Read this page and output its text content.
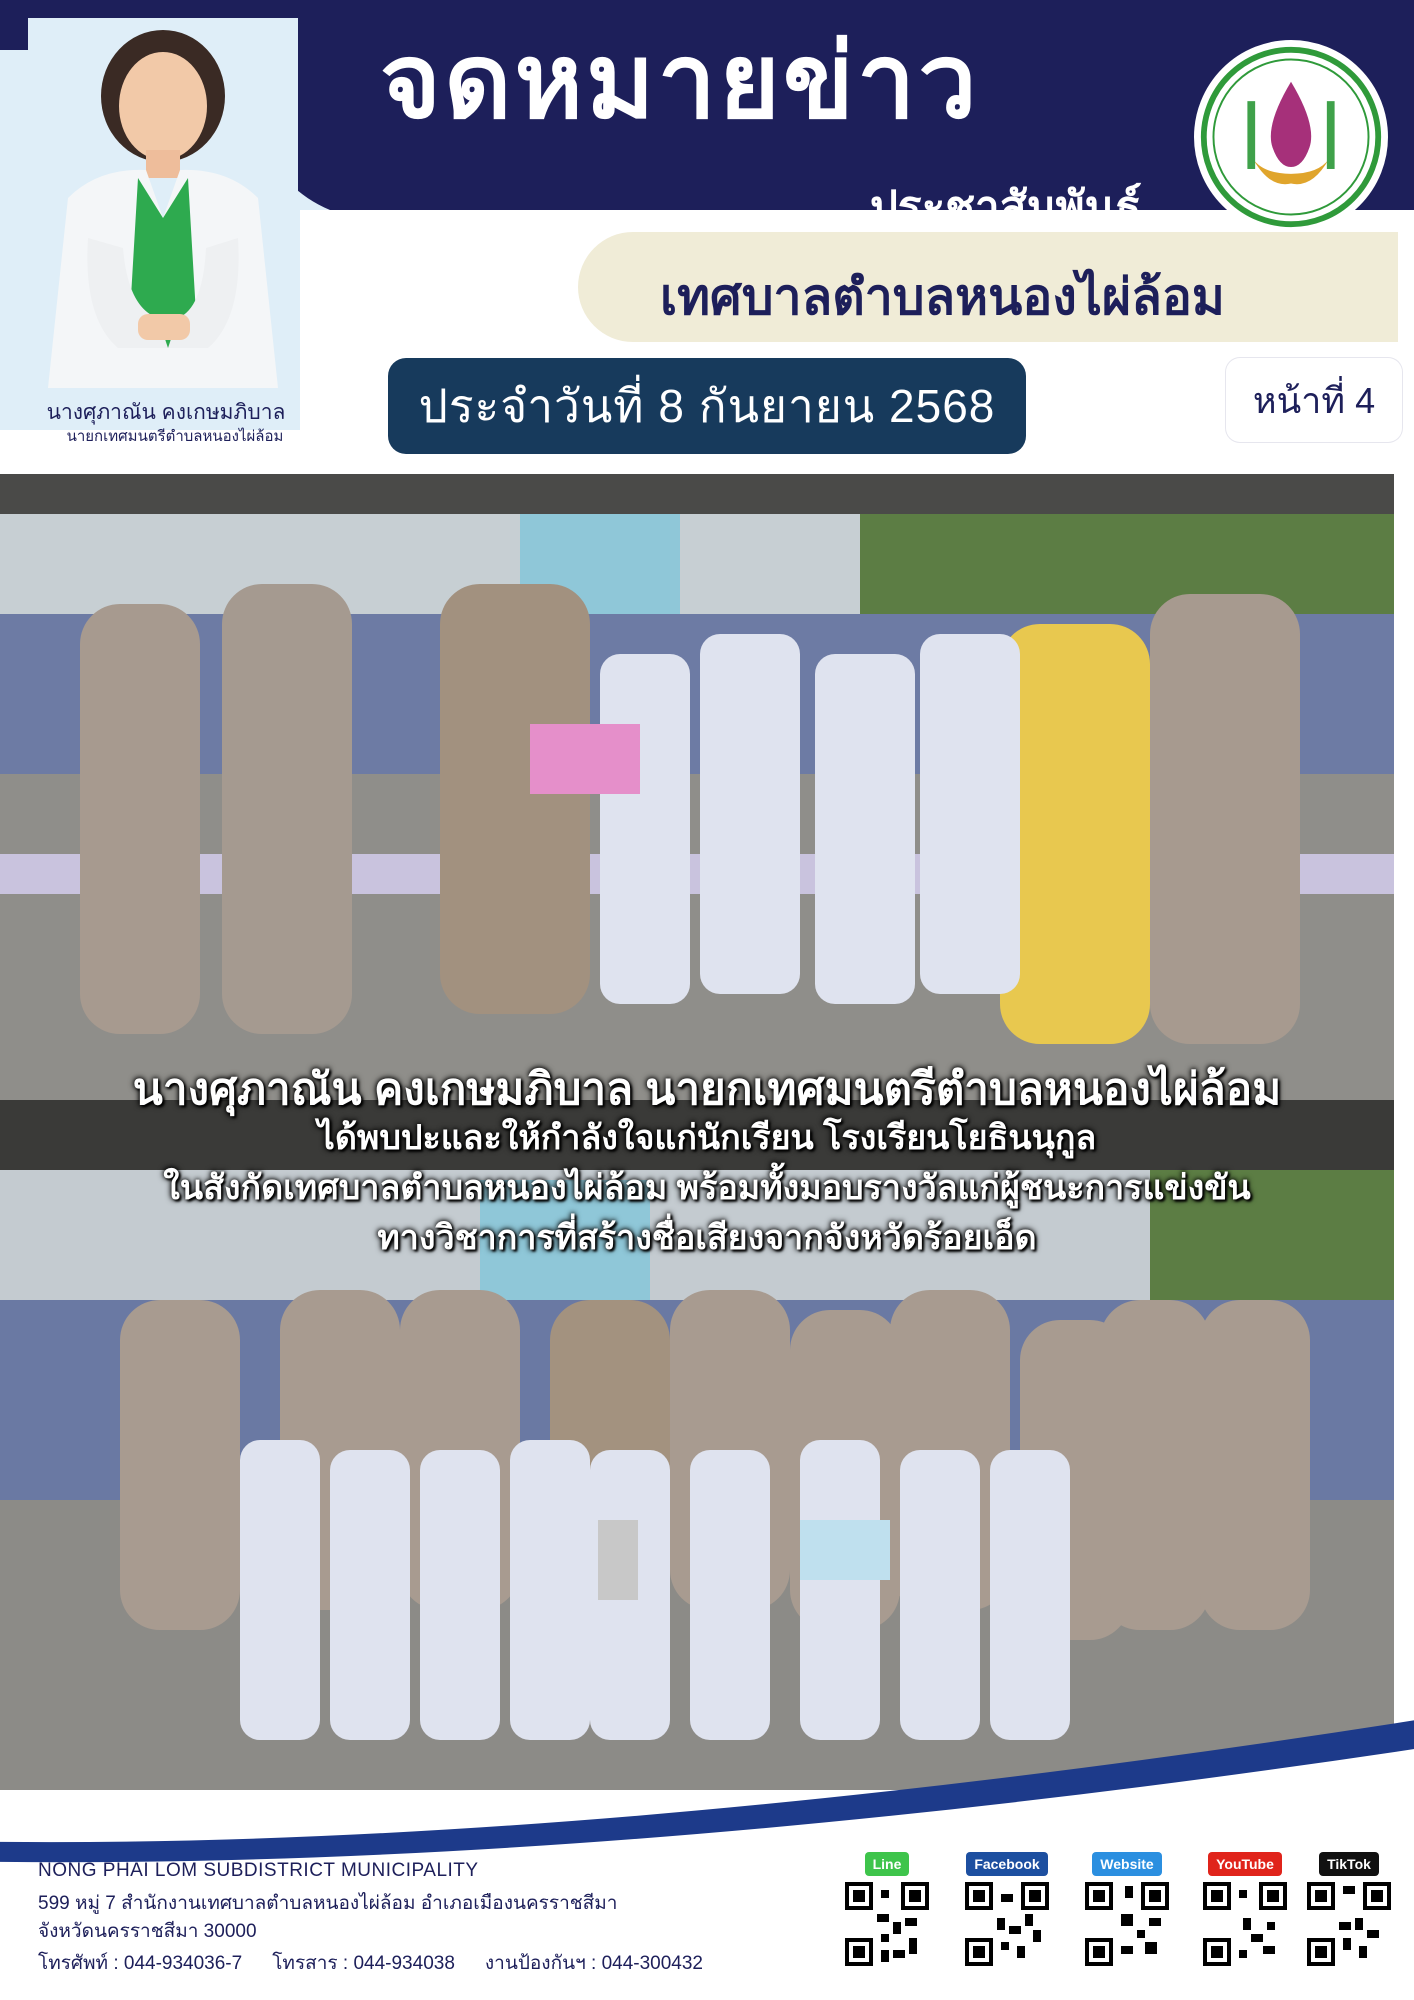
นางศุภาณัน คงเกษมภิบาล
นายกเทศมนตรีตำบลหนองไผ่ล้อม
จดหมายข่าว
ประชาสัมพันธ์
เทศบาลตำบลหนองไผ่ล้อม
ประจำวันที่ 8 กันยายน 2568	หน้าที่ 4
นางศุภาณัน คงเกษมภิบาล นายกเทศมนตรีตำบลหนองไผ่ล้อม
ได้พบปะและให้กำลังใจแก่นักเรียน โรงเรียนโยธินนุกูล
ในสังกัดเทศบาลตำบลหนองไผ่ล้อม พร้อมทั้งมอบรางวัลแก่ผู้ชนะการแข่งขัน
ทางวิชาการที่สร้างชื่อเสียงจากจังหวัดร้อยเอ็ด
NONG PHAI LOM SUBDISTRICT MUNICIPALITY
599 หมู่ 7 สำนักงานเทศบาลตำบลหนองไผ่ล้อม อำเภอเมืองนครราชสีมา
จังหวัดนครราชสีมา 30000
โทรศัพท์ : 044-934036-7 โทรสาร : 044-934038 งานป้องกันฯ : 044-300432
Line	Facebook	Website	YouTube	TikTok
